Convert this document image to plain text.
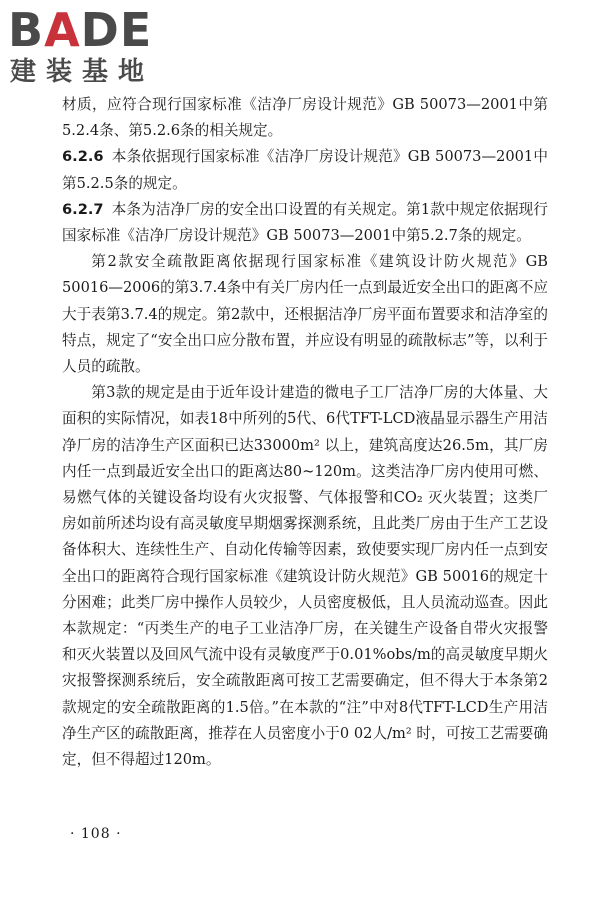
B A DE
建装基地

材质，应符合现行国家标准《洁净厂房设计规范》GB 50073—2001中第5.2.4条、第5.2.6条的相关规定。

6.2.6 本条依据现行国家标准《洁净厂房设计规范》GB 50073—2001中第5.2.5条的规定。

6.2.7 本条为洁净厂房的安全出口设置的有关规定。第1款中规定依据现行国家标准《洁净厂房设计规范》GB 50073—2001中第5.2.7条的规定。

第2款安全疏散距离依据现行国家标准《建筑设计防火规范》GB 50016—2006的第3.7.4条中有关厂房内任一点到最近安全出口的距离不应大于表第3.7.4的规定。第2款中，还根据洁净厂房平面布置要求和洁净室的特点，规定了“安全出口应分散布置，并应设有明显的疏散标志”等，以利于人员的疏散。

第3款的规定是由于近年设计建造的微电子工厂洁净厂房的大体量、大面积的实际情况，如表18中所列的5代、6代TFT-LCD液晶显示器生产用洁净厂房的洁净生产区面积已达33000m² 以上，建筑高度达26.5m，其厂房内任一点到最近安全出口的距离达80~120m。这类洁净厂房内使用可燃、易燃气体的关键设备均设有火灾报警、气体报警和CO₂ 灭火装置；这类厂房如前所述均设有高灵敏度早期烟雾探测系统，且此类厂房由于生产工艺设备体积大、连续性生产、自动化传输等因素，致使要实现厂房内任一点到安全出口的距离符合现行国家标准《建筑设计防火规范》GB 50016的规定十分困难；此类厂房中操作人员较少，人员密度极低，且人员流动巡查。因此本款规定：“丙类生产的电子工业洁净厂房，在关键生产设备自带火灾报警和灭火装置以及回风气流中设有灵敏度严于0.01%obs/m的高灵敏度早期火灾报警探测系统后，安全疏散距离可按工艺需要确定，但不得大于本条第2款规定的安全疏散距离的1.5倍。”在本款的“注”中对8代TFT-LCD生产用洁净生产区的疏散距离，推荐在人员密度小于0 02人/m² 时，可按工艺需要确定，但不得超过120m。

· 108 ·
